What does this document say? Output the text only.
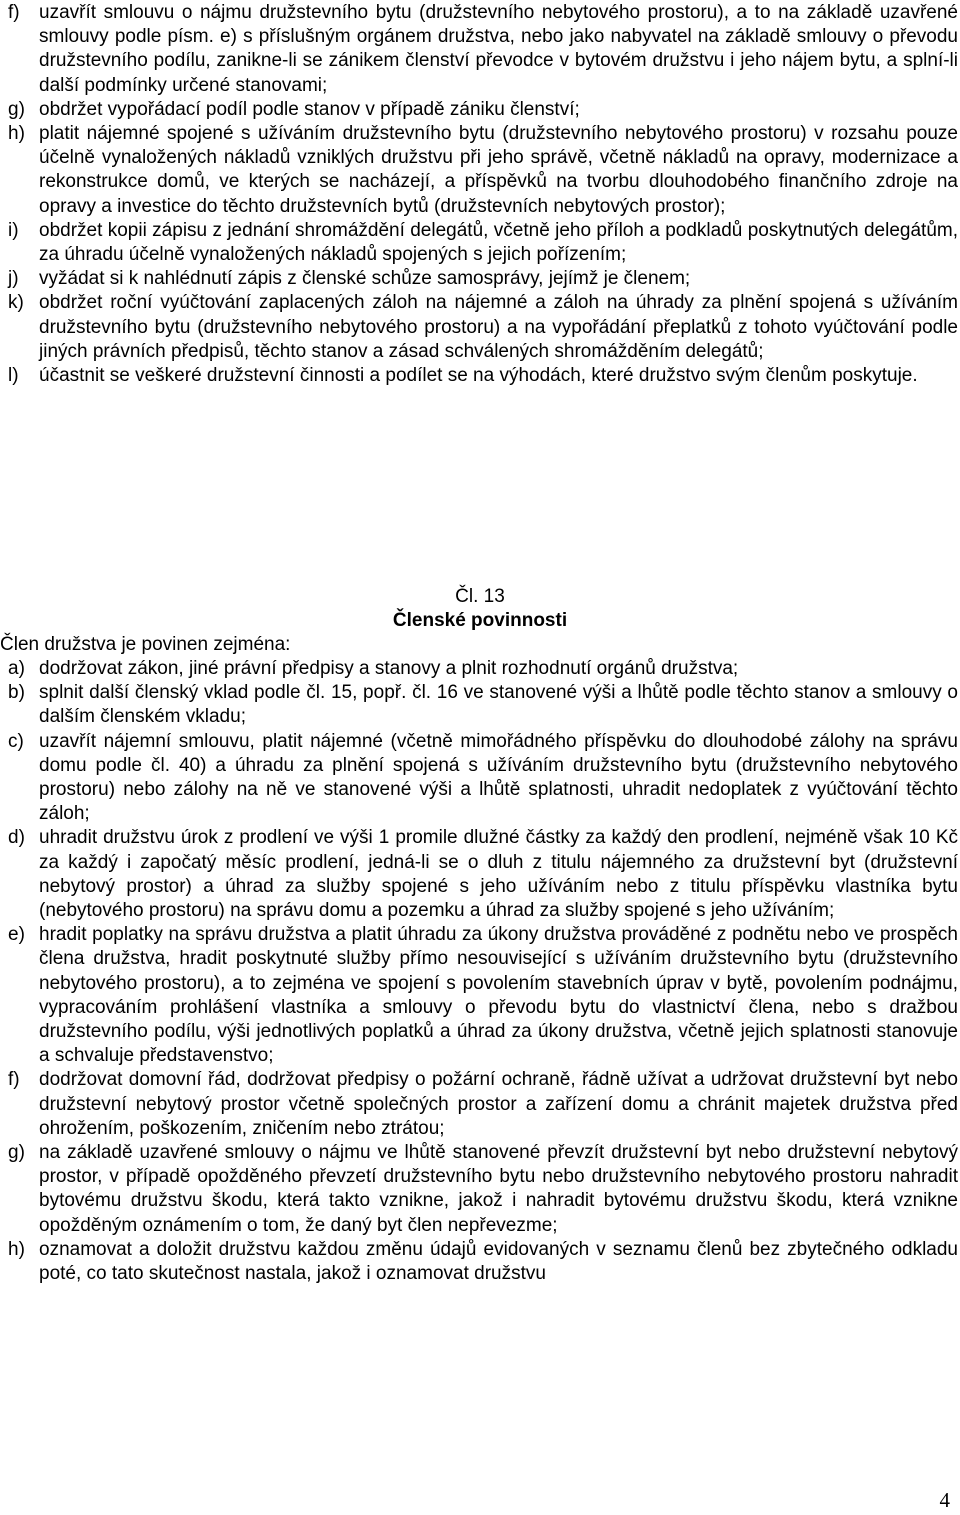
f)	uzavřít smlouvu o nájmu družstevního bytu (družstevního nebytového prostoru), a to na základě uzavřené smlouvy podle písm. e) s příslušným orgánem družstva, nebo jako nabyvatel na základě smlouvy o převodu družstevního podílu, zanikne-li se zánikem členství převodce v bytovém družstvu i jeho nájem bytu, a splní-li další podmínky určené stanovami;
g) obdržet vypořádací podíl podle stanov v případě zániku členství;
h) platit nájemné spojené s užíváním družstevního bytu (družstevního nebytového prostoru) v rozsahu pouze účelně vynaložených nákladů vzniklých družstvu při jeho správě, včetně nákladů na opravy, modernizace a rekonstrukce domů, ve kterých se nacházejí, a příspěvků na tvorbu dlouhodobého finančního zdroje na opravy a investice do těchto družstevních bytů (družstevních nebytových prostor);
i)	obdržet kopii zápisu z jednání shromáždění delegátů, včetně jeho příloh a podkladů poskytnutých delegátům, za úhradu účelně vynaložených nákladů spojených s jejich pořízením;
j)	vyžádat si k nahlédnutí zápis z členské schůze samosprávy, jejímž je členem;
k) obdržet roční vyúčtování zaplacených záloh na nájemné a záloh na úhrady za plnění spojená s užíváním družstevního bytu (družstevního nebytového prostoru) a na vypořádání přeplatků z tohoto vyúčtování podle jiných právních předpisů, těchto stanov a zásad schválených shromážděním delegátů;
l)	účastnit se veškeré družstevní činnosti a podílet se na výhodách, které družstvo svým členům poskytuje.
Čl. 13
Členské povinnosti
Člen družstva je povinen zejména:
a) dodržovat zákon, jiné právní předpisy a stanovy a plnit rozhodnutí orgánů družstva;
b) splnit další členský vklad podle čl. 15, popř. čl. 16 ve stanovené výši a lhůtě podle těchto stanov a smlouvy o dalším členském vkladu;
c) uzavřít nájemní smlouvu, platit nájemné (včetně mimořádného příspěvku do dlouhodobé zálohy na správu domu podle čl. 40) a úhradu za plnění spojená s užíváním družstevního bytu (družstevního nebytového prostoru) nebo zálohy na ně ve stanovené výši a lhůtě splatnosti, uhradit nedoplatek z vyúčtování těchto záloh;
d) uhradit družstvu úrok z prodlení ve výši 1 promile dlužné částky za každý den prodlení, nejméně však 10 Kč za každý i započatý měsíc prodlení, jedná-li se o dluh z titulu nájemného za družstevní byt (družstevní nebytový prostor) a úhrad za služby spojené s jeho užíváním nebo z titulu příspěvku vlastníka bytu (nebytového prostoru) na správu domu a pozemku a úhrad za služby spojené s jeho užíváním;
e) hradit poplatky na správu družstva a platit úhradu za úkony družstva prováděné z podnětu nebo ve prospěch člena družstva, hradit poskytnuté služby přímo nesouvisející s užíváním družstevního bytu (družstevního nebytového prostoru), a to zejména ve spojení s povolením stavebních úprav v bytě, povolením podnájmu, vypracováním prohlášení vlastníka a smlouvy o převodu bytu do vlastnictví člena, nebo s dražbou družstevního podílu, výši jednotlivých poplatků a úhrad za úkony družstva, včetně jejich splatnosti stanovuje a schvaluje představenstvo;
f)	dodržovat domovní řád, dodržovat předpisy o požární ochraně, řádně užívat a udržovat družstevní byt nebo družstevní nebytový prostor včetně společných prostor a zařízení domu a chránit majetek družstva před ohrožením, poškozením, zničením nebo ztrátou;
g) na základě uzavřené smlouvy o nájmu ve lhůtě stanovené převzít družstevní byt nebo družstevní nebytový prostor, v případě opožděného převzetí družstevního bytu nebo družstevního nebytového prostoru nahradit bytovému družstvu škodu, která takto vznikne, jakož i nahradit bytovému družstvu škodu, která vznikne opožděným oznámením o tom, že daný byt člen nepřevezme;
h) oznamovat a doložit družstvu každou změnu údajů evidovaných v seznamu členů bez zbytečného odkladu poté, co tato skutečnost nastala, jakož i oznamovat družstvu
4
